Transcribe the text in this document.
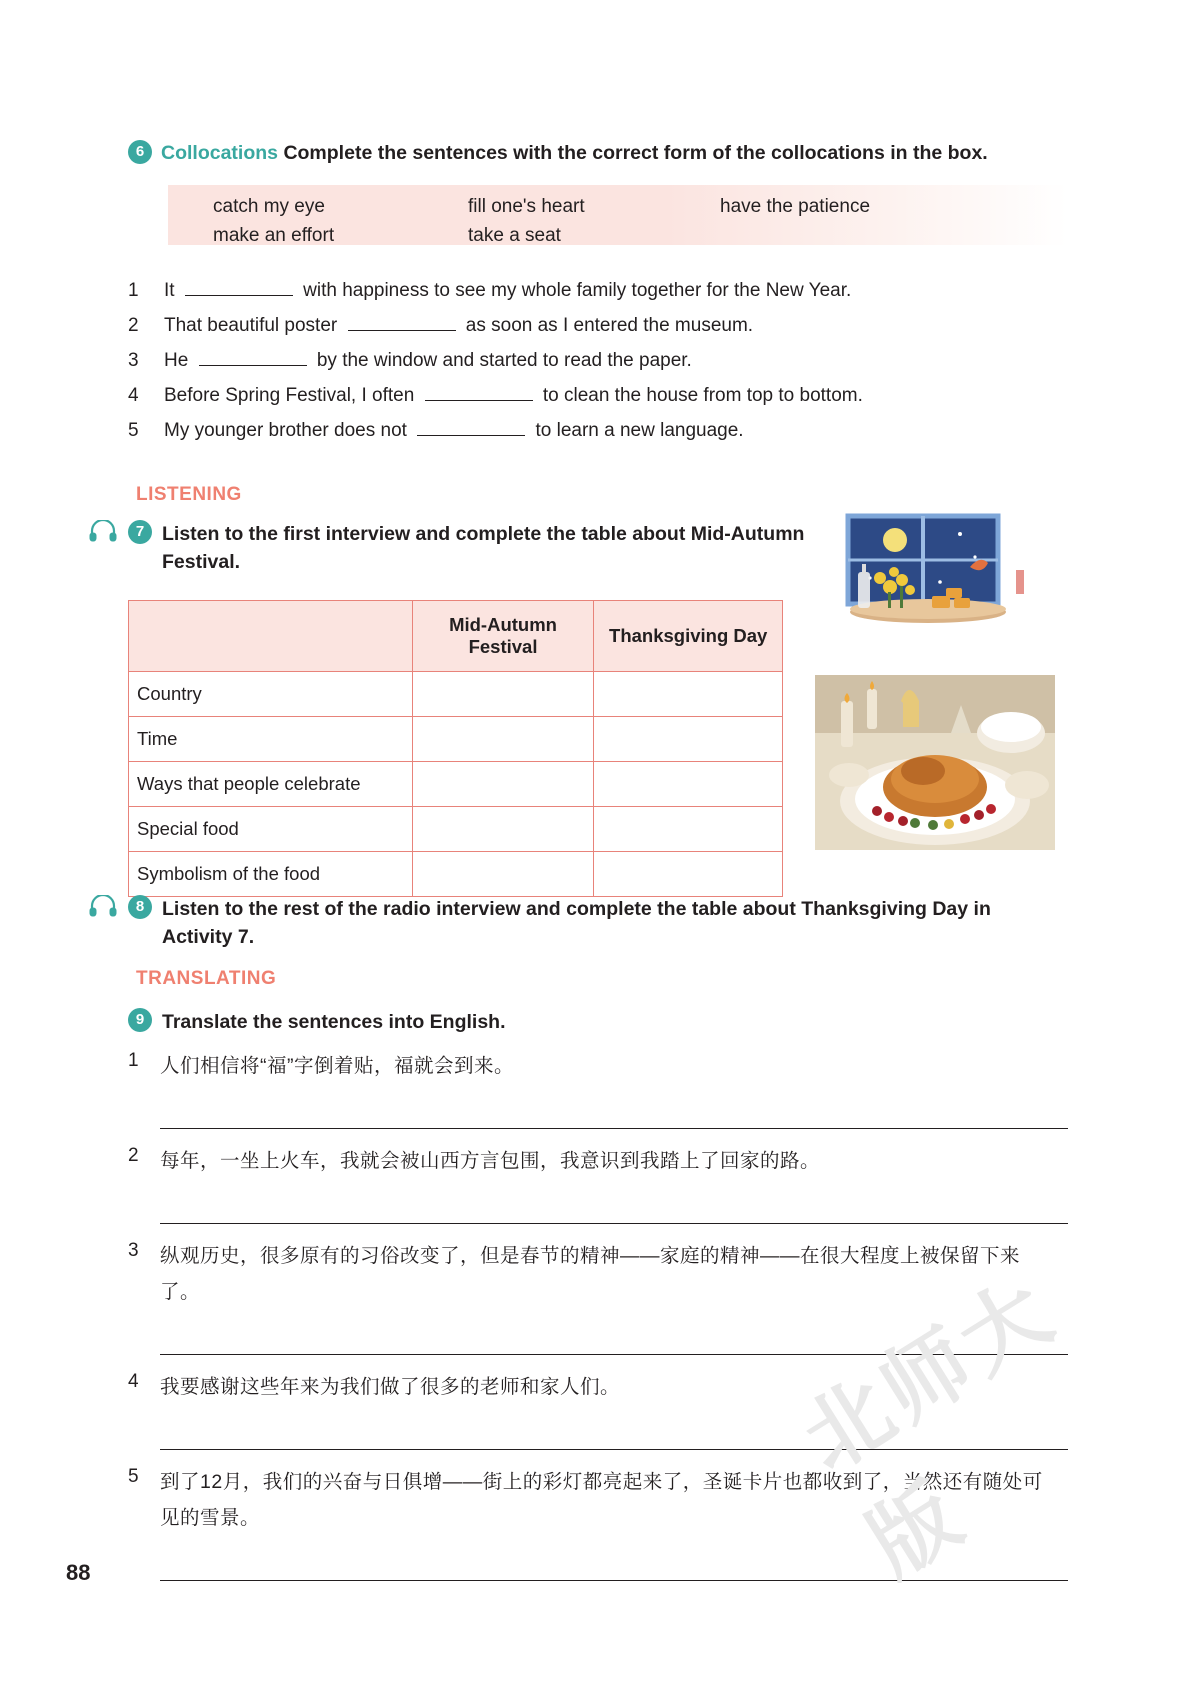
6 Collocations Complete the sentences with the correct form of the collocations in the box.
catch my eye
make an effort
fill one's heart
take a seat
have the patience
1	It	with happiness to see my whole family together for the New Year.
2	That beautiful poster	as soon as I entered the museum.
3	He	by the window and started to read the paper.
4	Before Spring Festival, I often	to clean the house from top to bottom.
5	My younger brother does not	to learn a new language.
LISTENING
7 Listen to the first interview and complete the table about Mid-Autumn Festival.
	Mid-Autumn Festival	Thanksgiving Day
Country		
Time		
Ways that people celebrate		
Special food		
Symbolism of the food		
8 Listen to the rest of the radio interview and complete the table about Thanksgiving Day in Activity 7.
TRANSLATING
9 Translate the sentences into English.
1	人们相信将“福”字倒着贴，福就会到来。
2	每年，一坐上火车，我就会被山西方言包围，我意识到我踏上了回家的路。
3	纵观历史，很多原有的习俗改变了，但是春节的精神——家庭的精神——在很大程度上被保留下来了。
4	我要感谢这些年来为我们做了很多的老师和家人们。
5	到了12月，我们的兴奋与日俱增——街上的彩灯都亮起来了，圣诞卡片也都收到了，当然还有随处可见的雪景。
北师大版
88
